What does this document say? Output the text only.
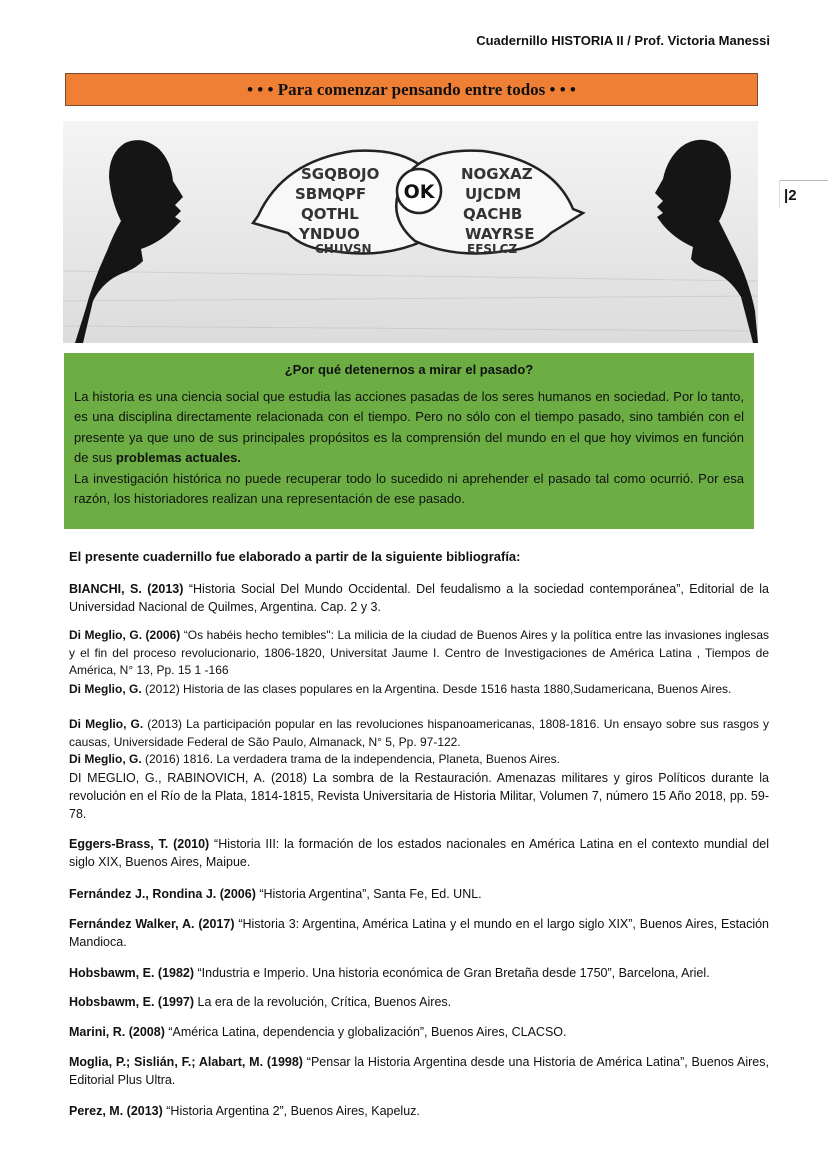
Cuadernillo HISTORIA II / Prof. Victoria Manessi
|2
• • • Para comenzar pensando entre todos • • •
SGQBOJO
SBMQPF
QOTHL
YNDUO
CHUVSN
NOGXAZ
UJCDM
QACHB
WAYRSE
EFSLCZ
OK
¿Por qué detenernos a mirar el pasado?

La historia es una ciencia social que estudia las acciones pasadas de los seres humanos en sociedad. Por lo tanto, es una disciplina directamente relacionada con el tiempo. Pero no sólo con el tiempo pasado, sino también con el presente ya que uno de sus principales propósitos es la comprensión del mundo en el que hoy vivimos en función de sus problemas actuales.

La investigación histórica no puede recuperar todo lo sucedido ni aprehender el pasado tal como ocurrió. Por esa razón, los historiadores realizan una representación de ese pasado.

El presente cuadernillo fue elaborado a partir de la siguiente bibliografía:
BIANCHI, S. (2013) “Historia Social Del Mundo Occidental. Del feudalismo a la sociedad contemporánea”, Editorial de la Universidad Nacional de Quilmes, Argentina. Cap. 2 y 3.
Di Meglio, G. (2006) “Os habéis hecho temibles": La milicia de la ciudad de Buenos Aires y la política entre las invasiones inglesas y el fin del proceso revolucionario, 1806-1820, Universitat Jaume I. Centro de Investigaciones de América Latina , Tiempos de América, N° 13, Pp. 15 1 -166
Di Meglio, G. (2012) Historia de las clases populares en la Argentina. Desde 1516 hasta 1880,Sudamericana, Buenos Aires.
Di Meglio, G. (2013) La participación popular en las revoluciones hispanoamericanas, 1808-1816. Un ensayo sobre sus rasgos y causas, Universidade Federal de São Paulo, Almanack, N° 5, Pp. 97-122.
Di Meglio, G. (2016) 1816. La verdadera trama de la independencia, Planeta, Buenos Aires.
DI MEGLIO, G., RABINOVICH, A. (2018) La sombra de la Restauración. Amenazas militares y giros Políticos durante la revolución en el Río de la Plata, 1814-1815, Revista Universitaria de Historia Militar, Volumen 7, número 15 Año 2018, pp. 59-78.
Eggers-Brass, T. (2010) “Historia III: la formación de los estados nacionales en América Latina en el contexto mundial del siglo XIX, Buenos Aires, Maipue.
Fernández J., Rondina J. (2006) “Historia Argentina”, Santa Fe, Ed. UNL.
Fernández Walker, A. (2017) “Historia 3: Argentina, América Latina y el mundo en el largo siglo XIX”, Buenos Aires, Estación Mandioca.
Hobsbawm, E. (1982) “Industria e Imperio. Una historia económica de Gran Bretaña desde 1750”, Barcelona, Ariel.
Hobsbawm, E. (1997) La era de la revolución, Crítica, Buenos Aires.
Marini, R. (2008) “América Latina, dependencia y globalización”, Buenos Aires, CLACSO.
Moglia, P.; Sislián, F.; Alabart, M. (1998) “Pensar la Historia Argentina desde una Historia de América Latina”, Buenos Aires, Editorial Plus Ultra.
Perez, M. (2013) “Historia Argentina 2”, Buenos Aires, Kapeluz.
